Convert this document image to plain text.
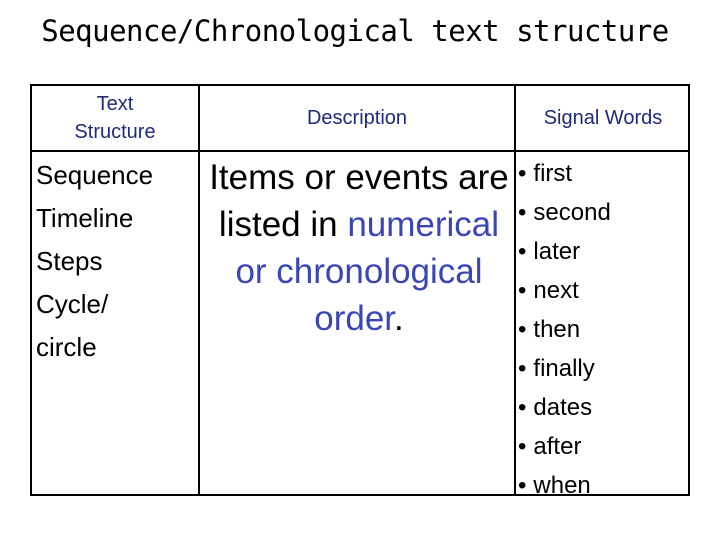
Sequence/Chronological text structure
Text Structure
Description	Signal Words
Sequence
Timeline
Steps
Cycle/
circle
Items or events are listed in numerical or chronological order.
• first
• second
• later
• next
• then
• finally
• dates
• after
• when
